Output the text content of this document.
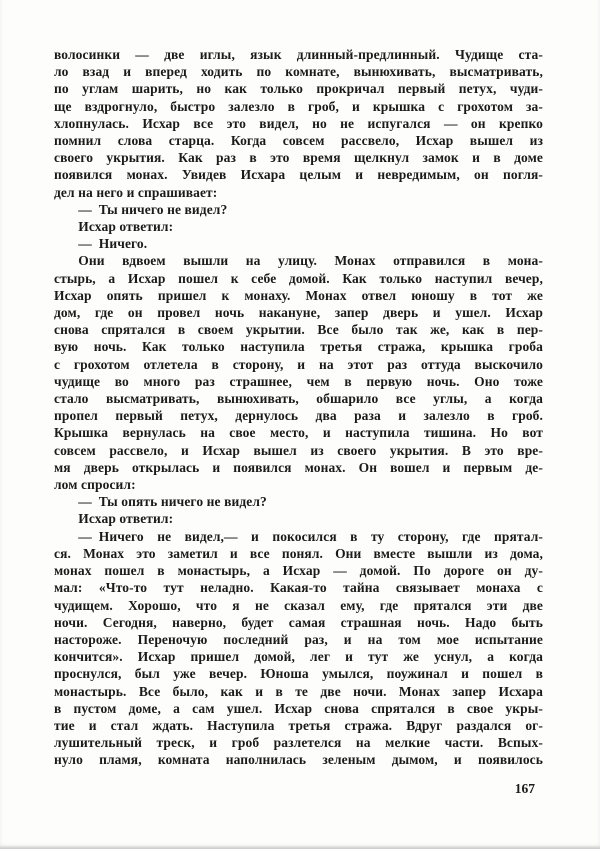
волосинки — две иглы, язык длинный-предлинный. Чудище ста-
ло взад и вперед ходить по комнате, вынюхивать, высматривать,
по углам шарить, но как только прокричал первый петух, чуди-
ще вздрогнуло, быстро залезло в гроб, и крышка с грохотом за-
хлопнулась. Исхар все это видел, но не испугался — он крепко
помнил слова старца. Когда совсем рассвело, Исхар вышел из
своего укрытия. Как раз в это время щелкнул замок и в доме
появился монах. Увидев Исхара целым и невредимым, он погля-
дел на него и спрашивает:
— Ты ничего не видел?
Исхар ответил:
— Ничего.
Они вдвоем вышли на улицу. Монах отправился в мона-
стырь, а Исхар пошел к себе домой. Как только наступил вечер,
Исхар опять пришел к монаху. Монах отвел юношу в тот же
дом, где он провел ночь накануне, запер дверь и ушел. Исхар
снова спрятался в своем укрытии. Все было так же, как в пер-
вую ночь. Как только наступила третья стража, крышка гроба
с грохотом отлетела в сторону, и на этот раз оттуда выскочило
чудище во много раз страшнее, чем в первую ночь. Оно тоже
стало высматривать, вынюхивать, обшарило все углы, а когда
пропел первый петух, дернулось два раза и залезло в гроб.
Крышка вернулась на свое место, и наступила тишина. Но вот
совсем рассвело, и Исхар вышел из своего укрытия. В это вре-
мя дверь открылась и появился монах. Он вошел и первым де-
лом спросил:
— Ты опять ничего не видел?
Исхар ответил:
— Ничего не видел,— и покосился в ту сторону, где прятал-
ся. Монах это заметил и все понял. Они вместе вышли из дома,
монах пошел в монастырь, а Исхар — домой. По дороге он ду-
мал: «Что-то тут неладно. Какая-то тайна связывает монаха с
чудищем. Хорошо, что я не сказал ему, где прятался эти две
ночи. Сегодня, наверно, будет самая страшная ночь. Надо быть
настороже. Переночую последний раз, и на том мое испытание
кончится». Исхар пришел домой, лег и тут же уснул, а когда
проснулся, был уже вечер. Юноша умылся, поужинал и пошел в
монастырь. Все было, как и в те две ночи. Монах запер Исхара
в пустом доме, а сам ушел. Исхар снова спрятался в свое укры-
тие и стал ждать. Наступила третья стража. Вдруг раздался ог-
лушительный треск, и гроб разлетелся на мелкие части. Вспых-
нуло пламя, комната наполнилась зеленым дымом, и появилось
167
